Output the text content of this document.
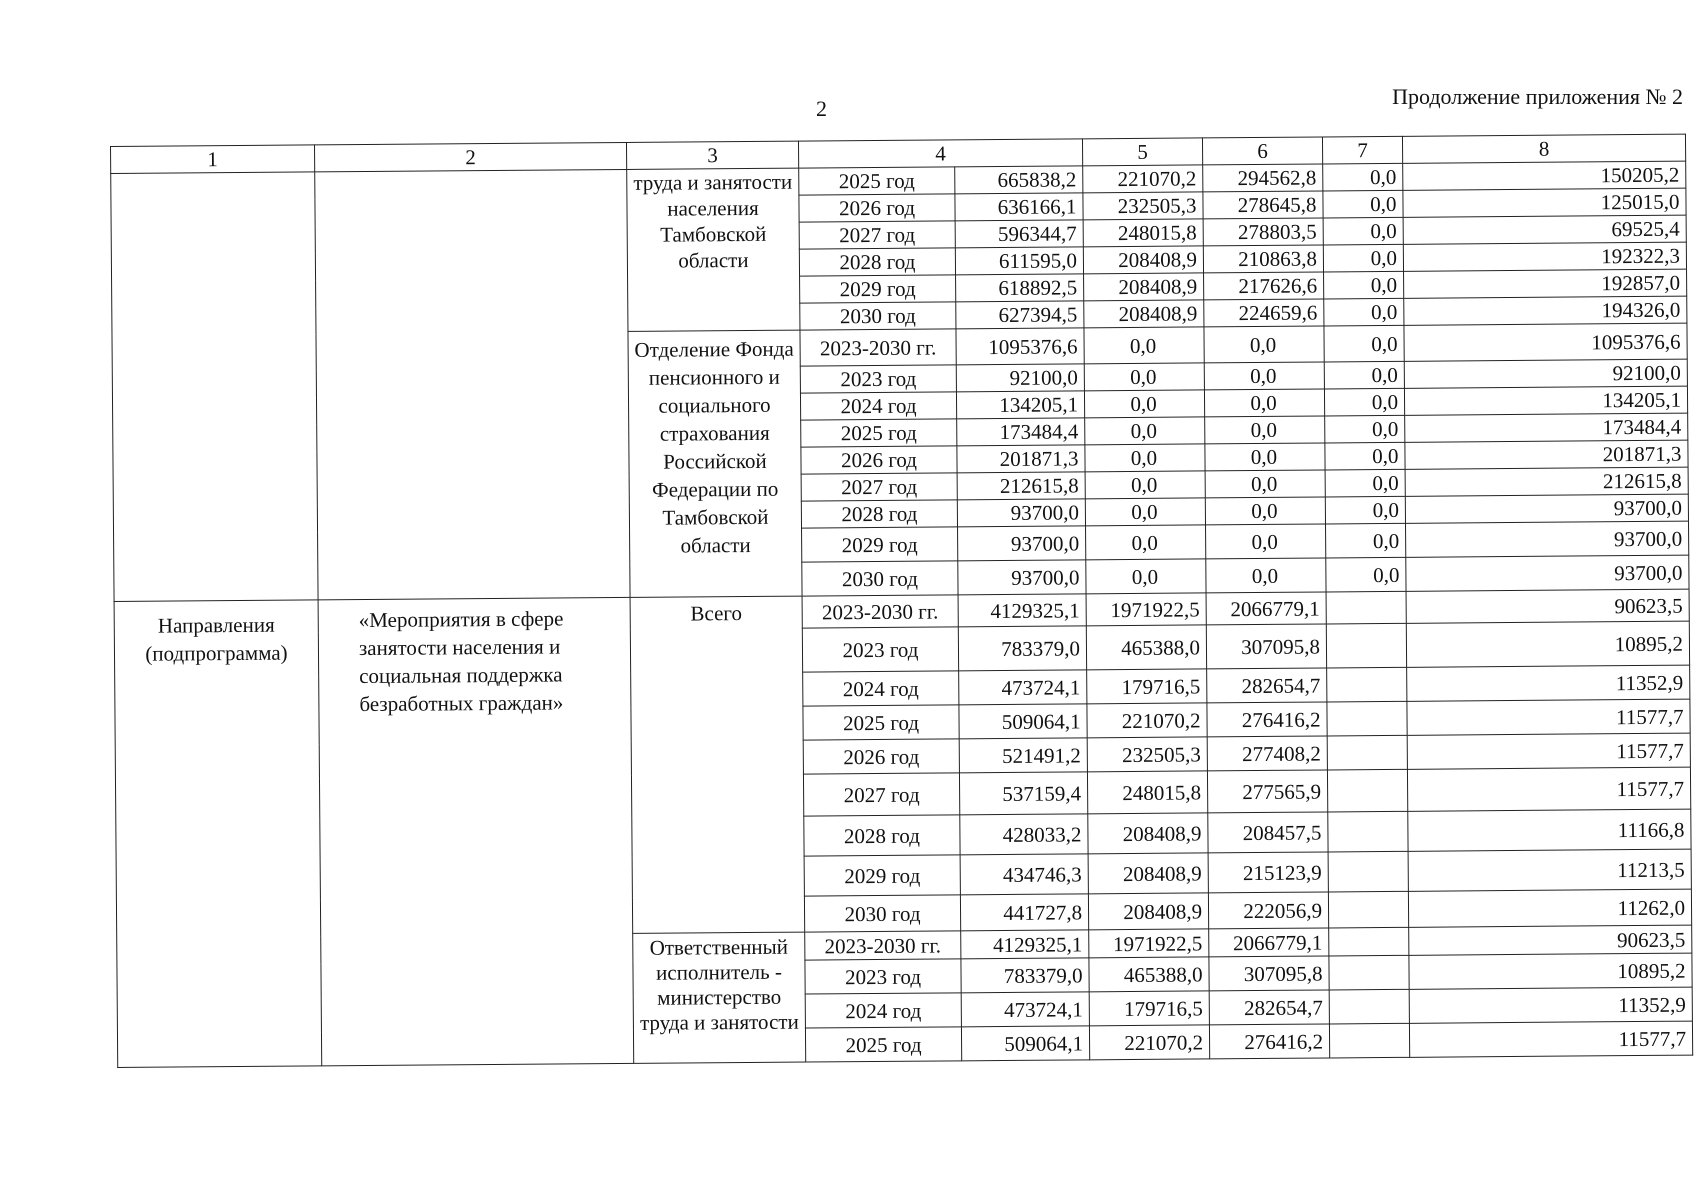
2	Продолжение приложения № 2
1	2	3	4		5	6	7	8
		труда и занятости населения Тамбовской области	2025 год	665838,2	221070,2	294562,8	0,0	150205,2
			2026 год	636166,1	232505,3	278645,8	0,0	125015,0
			2027 год	596344,7	248015,8	278803,5	0,0	69525,4
			2028 год	611595,0	208408,9	210863,8	0,0	192322,3
			2029 год	618892,5	208408,9	217626,6	0,0	192857,0
			2030 год	627394,5	208408,9	224659,6	0,0	194326,0
		Отделение Фонда пенсионного и социального страхования Российской Федерации по Тамбовской области	2023-2030 гг.	1095376,6	0,0	0,0	0,0	1095376,6
			2023 год	92100,0	0,0	0,0	0,0	92100,0
			2024 год	134205,1	0,0	0,0	0,0	134205,1
			2025 год	173484,4	0,0	0,0	0,0	173484,4
			2026 год	201871,3	0,0	0,0	0,0	201871,3
			2027 год	212615,8	0,0	0,0	0,0	212615,8
			2028 год	93700,0	0,0	0,0	0,0	93700,0
			2029 год	93700,0	0,0	0,0	0,0	93700,0
			2030 год	93700,0	0,0	0,0	0,0	93700,0
Направления (подпрограмма)	«Мероприятия в сфере занятости населения и социальная поддержка безработных граждан»	Всего	2023-2030 гг.	4129325,1	1971922,5	2066779,1		90623,5
			2023 год	783379,0	465388,0	307095,8		10895,2
			2024 год	473724,1	179716,5	282654,7		11352,9
			2025 год	509064,1	221070,2	276416,2		11577,7
			2026 год	521491,2	232505,3	277408,2		11577,7
			2027 год	537159,4	248015,8	277565,9		11577,7
			2028 год	428033,2	208408,9	208457,5		11166,8
			2029 год	434746,3	208408,9	215123,9		11213,5
			2030 год	441727,8	208408,9	222056,9		11262,0
		Ответственный исполнитель - министерство труда и занятости	2023-2030 гг.	4129325,1	1971922,5	2066779,1		90623,5
			2023 год	783379,0	465388,0	307095,8		10895,2
			2024 год	473724,1	179716,5	282654,7		11352,9
			2025 год	509064,1	221070,2	276416,2		11577,7
